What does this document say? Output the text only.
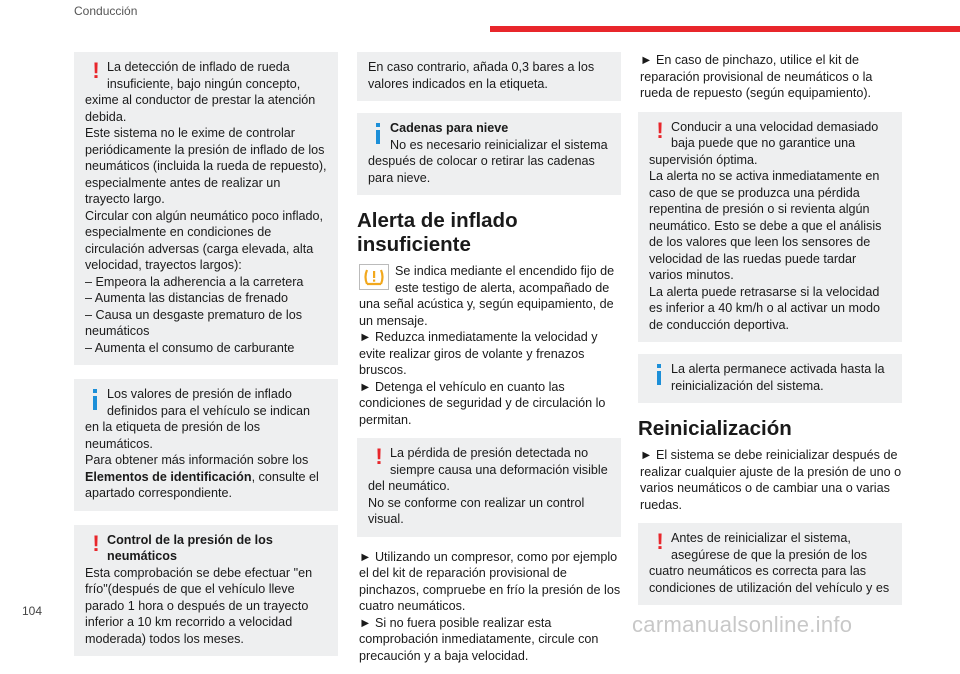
Conducción
! La detección de inflado de rueda insuficiente, bajo ningún concepto, exime al conductor de prestar la atención debida.

Este sistema no le exime de controlar periódicamente la presión de inflado de los neumáticos (incluida la rueda de repuesto), especialmente antes de realizar un trayecto largo.

Circular con algún neumático poco inflado, especialmente en condiciones de circulación adversas (carga elevada, alta velocidad, trayectos largos):

– Empeora la adherencia a la carretera

– Aumenta las distancias de frenado

– Causa un desgaste prematuro de los neumáticos

– Aumenta el consumo de carburante

Los valores de presión de inflado definidos para el vehículo se indican en la etiqueta de presión de los neumáticos.

Para obtener más información sobre los Elementos de identificación, consulte el apartado correspondiente.

! Control de la presión de los neumáticos

Esta comprobación se debe efectuar "en frío"(después de que el vehículo lleve parado 1 hora o después de un trayecto inferior a 10 km recorrido a velocidad moderada) todos los meses.

En caso contrario, añada 0,3 bares a los valores indicados en la etiqueta.

Cadenas para nieve

No es necesario reinicializar el sistema después de colocar o retirar las cadenas para nieve.

Alerta de inflado insuficiente

Se indica mediante el encendido fijo de este testigo de alerta, acompañado de una señal acústica y, según equipamiento, de un mensaje.

► Reduzca inmediatamente la velocidad y evite realizar giros de volante y frenazos bruscos.

► Detenga el vehículo en cuanto las condiciones de seguridad y de circulación lo permitan.

! La pérdida de presión detectada no siempre causa una deformación visible del neumático.

No se conforme con realizar un control visual.

► Utilizando un compresor, como por ejemplo el del kit de reparación provisional de pinchazos, compruebe en frío la presión de los cuatro neumáticos.

► Si no fuera posible realizar esta comprobación inmediatamente, circule con precaución y a baja velocidad.

► En caso de pinchazo, utilice el kit de reparación provisional de neumáticos o la rueda de repuesto (según equipamiento).

! Conducir a una velocidad demasiado baja puede que no garantice una supervisión óptima.

La alerta no se activa inmediatamente en caso de que se produzca una pérdida repentina de presión o si revienta algún neumático. Esto se debe a que el análisis de los valores que leen los sensores de velocidad de las ruedas puede tardar varios minutos.

La alerta puede retrasarse si la velocidad es inferior a 40 km/h o al activar un modo de conducción deportiva.

La alerta permanece activada hasta la reinicialización del sistema.

Reinicialización

► El sistema se debe reinicializar después de realizar cualquier ajuste de la presión de uno o varios neumáticos o de cambiar una o varias ruedas.

! Antes de reinicializar el sistema, asegúrese de que la presión de los cuatro neumáticos es correcta para las condiciones de utilización del vehículo y es

104
carmanualsonline.info
